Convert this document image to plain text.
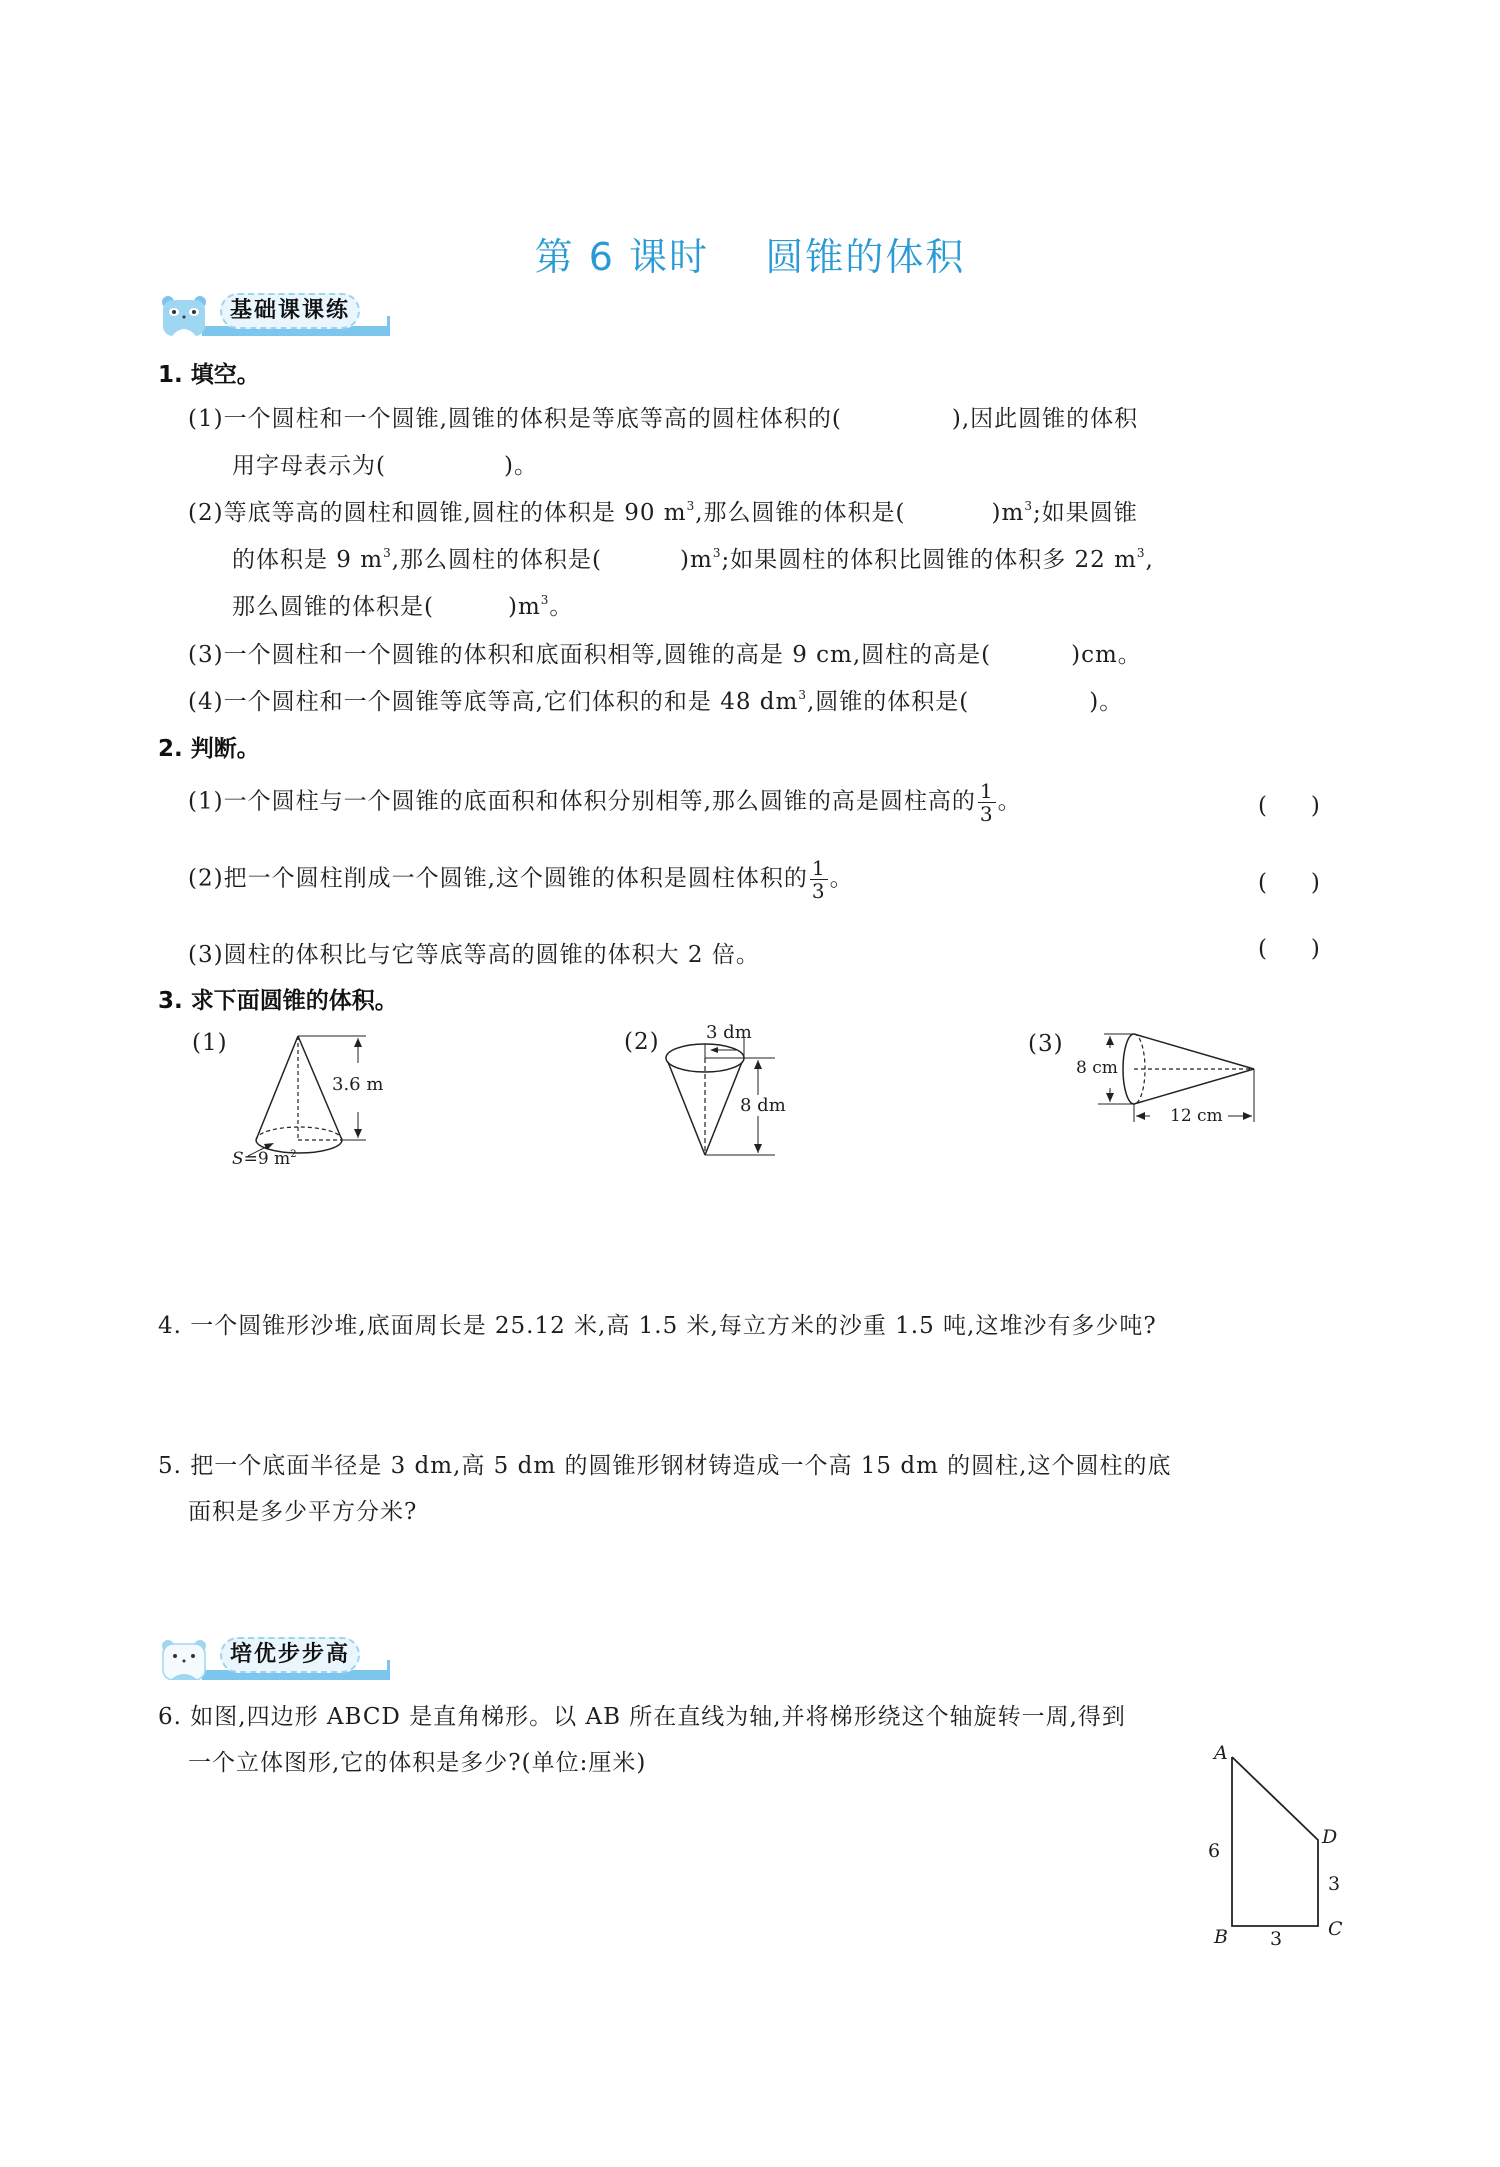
第 6 课时    圆锥的体积
基础课课练
1. 填空。
(1)一个圆柱和一个圆锥,圆锥的体积是等底等高的圆柱体积的(	),因此圆锥的体积
用字母表示为(	)。
(2)等底等高的圆柱和圆锥,圆柱的体积是 90 $m^3$,那么圆锥的体积是(	)$m^3$;如果圆锥
的体积是 9 $m^3$,那么圆柱的体积是(	)$m^3$;如果圆柱的体积比圆锥的体积多 22 $m^3$,
那么圆锥的体积是(	)$m^3$。
(3)一个圆柱和一个圆锥的体积和底面积相等,圆锥的高是 9 cm,圆柱的高是(	)cm。
(4)一个圆柱和一个圆锥等底等高,它们体积的和是 48 $dm^3$,圆锥的体积是(	)。
2. 判断。
(1)一个圆柱与一个圆锥的底面积和体积分别相等,那么圆锥的高是圆柱高的 $\frac{1}{3}$ 。	(      )
(2)把一个圆柱削成一个圆锥,这个圆锥的体积是圆柱体积的 $\frac{1}{3}$ 。	(      )
(3)圆柱的体积比与它等底等高的圆锥的体积大 2 倍。	(      )
3. 求下面圆锥的体积。
(1)
3.6 m
S=9 $m^2$
(2)	3 dm
8 dm
(3)
8 cm
12 cm
4. 一个圆锥形沙堆,底面周长是 25.12 米,高 1.5 米,每立方米的沙重 1.5 吨,这堆沙有多少吨?
5. 把一个底面半径是 3 dm,高 5 dm 的圆锥形钢材铸造成一个高 15 dm 的圆柱,这个圆柱的底
面积是多少平方分米?
培优步步高
6. 如图,四边形 ABCD 是直角梯形。以 AB 所在直线为轴,并将梯形绕这个轴旋转一周,得到
一个立体图形,它的体积是多少?(单位:厘米)	A
B	C
D
6
3
3
